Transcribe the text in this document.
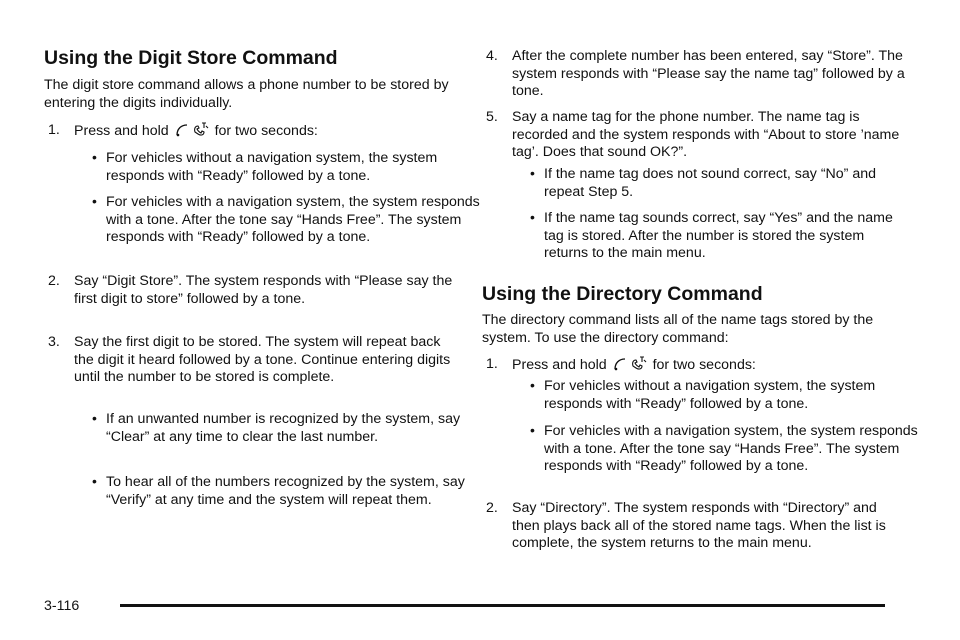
Using the Digit Store Command

The digit store command allows a phone number to be stored by entering the digits individually.

1. Press and hold	for two seconds:
• For vehicles without a navigation system, the system responds with “Ready” followed by a tone.
• For vehicles with a navigation system, the system responds with a tone. After the tone say “Hands Free”. The system responds with “Ready” followed by a tone.
2. Say “Digit Store”. The system responds with “Please say the first digit to store” followed by a tone.
3. Say the first digit to be stored. The system will repeat back the digit it heard followed by a tone. Continue entering digits until the number to be stored is complete.
• If an unwanted number is recognized by the system, say “Clear” at any time to clear the last number.
• To hear all of the numbers recognized by the system, say “Verify” at any time and the system will repeat them.
4. After the complete number has been entered, say “Store”. The system responds with “Please say the name tag” followed by a tone.
5. Say a name tag for the phone number. The name tag is recorded and the system responds with “About to store ’name tag’. Does that sound OK?”.
• If the name tag does not sound correct, say “No” and repeat Step 5.
• If the name tag sounds correct, say “Yes” and the name tag is stored. After the number is stored the system returns to the main menu.
Using the Directory Command

The directory command lists all of the name tags stored by the system. To use the directory command:

1. Press and hold	for two seconds:
• For vehicles without a navigation system, the system responds with “Ready” followed by a tone.
• For vehicles with a navigation system, the system responds with a tone. After the tone say “Hands Free”. The system responds with “Ready” followed by a tone.
2. Say “Directory”. The system responds with “Directory” and then plays back all of the stored name tags. When the list is complete, the system returns to the main menu.
3-116
